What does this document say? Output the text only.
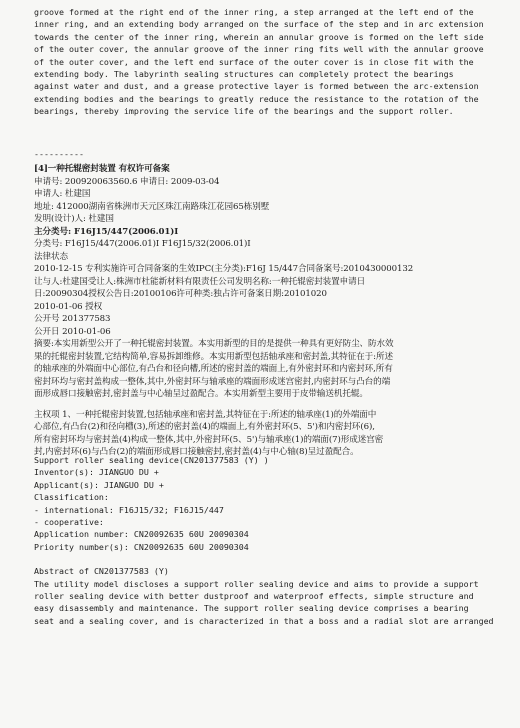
groove formed at the right end of the inner ring, a step arranged at the left end of the
inner ring, and an extending body arranged on the surface of the step and in arc extension
towards the center of the inner ring, wherein an annular groove is formed on the left side
of the outer cover, the annular groove of the inner ring fits well with the annular groove
of the outer cover, and the left end surface of the outer cover is in close fit with the
extending body. The labyrinth sealing structures can completely protect the bearings
against water and dust, and a grease protective layer is formed between the arc-extension
extending bodies and the bearings to greatly reduce the resistance to the rotation of the
bearings, thereby improving the service life of the bearings and the support roller.
----------
[4]一种托辊密封装置 有权许可备案
申请号: 200920063560.6 申请日: 2009-03-04
申请人: 杜建国
地址: 412000湖南省株洲市天元区珠江南路珠江花园65栋别墅
发明(设计)人: 杜建国
主分类号: F16J15/447(2006.01)I
分类号: F16J15/447(2006.01)I F16J15/32(2006.01)I
法律状态
2010-12-15 专利实施许可合同备案的生效IPC(主分类):F16J 15/447合同备案号:2010430000132
让与人:杜建国受让人:株洲市杜能新材料有限责任公司发明名称:一种托辊密封装置申请日
日:20090304授权公告日:20100106许可种类:独占许可备案日期:20101020
2010-01-06 授权
公开号 201377583
公开日 2010-01-06
摘要:本实用新型公开了一种托辊密封装置。本实用新型的目的是提供一种具有更好防尘、防水效
果的托辊密封装置,它结构简单,容易拆卸维修。本实用新型包括轴承座和密封盖,其特征在于:所述
的轴承座的外端面中心部位,有凸台和径向槽,所述的密封盖的端面上,有外密封环和内密封环,所有
密封环均与密封盖构成一整体,其中,外密封环与轴承座的端面形成迷宫密封,内密封环与凸台的端
面形成唇口接触密封,密封盖与中心轴呈过盈配合。本实用新型主要用于皮带输送机托辊。
主权项 1、一种托辊密封装置,包括轴承座和密封盖,其特征在于:所述的轴承座(1)的外端面中
心部位,有凸台(2)和径向槽(3),所述的密封盖(4)的端面上,有外密封环(5、5')和内密封环(6),
所有密封环均与密封盖(4)构成一整体,其中,外密封环(5、5')与轴承座(1)的端面(7)形成迷宫密
封,内密封环(6)与凸台(2)的端面形成唇口接触密封,密封盖(4)与中心轴(8)呈过盈配合。
Support roller sealing device(CN201377583 (Y) )
Inventor(s): JIANGUO DU +
Applicant(s): JIANGUO DU +
Classification:
- international: F16J15/32; F16J15/447
- cooperative:
Application number: CN20092635 60U 20090304
Priority number(s): CN20092635 60U 20090304
Abstract of CN201377583 (Y)
The utility model discloses a support roller sealing device and aims to provide a support
roller sealing device with better dustproof and waterproof effects, simple structure and
easy disassembly and maintenance. The support roller sealing device comprises a bearing
seat and a sealing cover, and is characterized in that a boss and a radial slot are arranged
